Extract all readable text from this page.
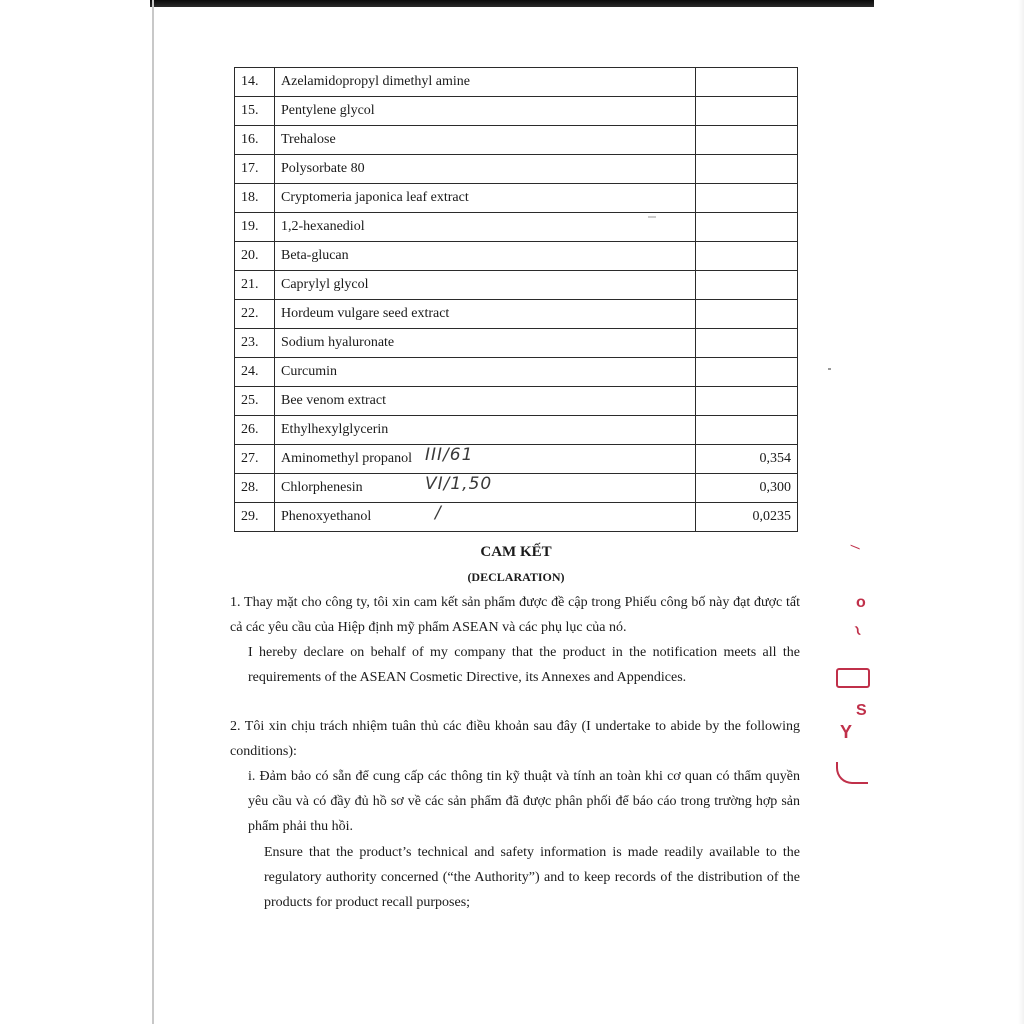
14.	Azelamidopropyl dimethyl amine	
15.	Pentylene glycol	
16.	Trehalose	
17.	Polysorbate 80	
18.	Cryptomeria japonica leaf extract	
19.	1,2-hexanediol	
20.	Beta-glucan	
21.	Caprylyl glycol	
22.	Hordeum vulgare seed extract	
23.	Sodium hyaluronate	
24.	Curcumin	
25.	Bee venom extract	
26.	Ethylhexylglycerin	
27.	Aminomethyl propanol III/61	0,354
28.	Chlorphenesin VI/1,50	0,300
29.	Phenoxyethanol /	0,0235
CAM KẾT
(DECLARATION)
1. Thay mặt cho công ty, tôi xin cam kết sản phẩm được đề cập trong Phiếu công bố này đạt được tất cả các yêu cầu của Hiệp định mỹ phẩm ASEAN và các phụ lục của nó.
I hereby declare on behalf of my company that the product in the notification meets all the requirements of the ASEAN Cosmetic Directive, its Annexes and Appendices.
2. Tôi xin chịu trách nhiệm tuân thủ các điều khoản sau đây (I undertake to abide by the following conditions):
i. Đảm bảo có sẵn để cung cấp các thông tin kỹ thuật và tính an toàn khi cơ quan có thẩm quyền yêu cầu và có đầy đủ hồ sơ về các sản phẩm đã được phân phối để báo cáo trong trường hợp sản phẩm phải thu hồi.
Ensure that the product’s technical and safety information is made readily available to the regulatory authority concerned (“the Authority”) and to keep records of the distribution of the products for product recall purposes;
⁄
o
∼
S
Y
